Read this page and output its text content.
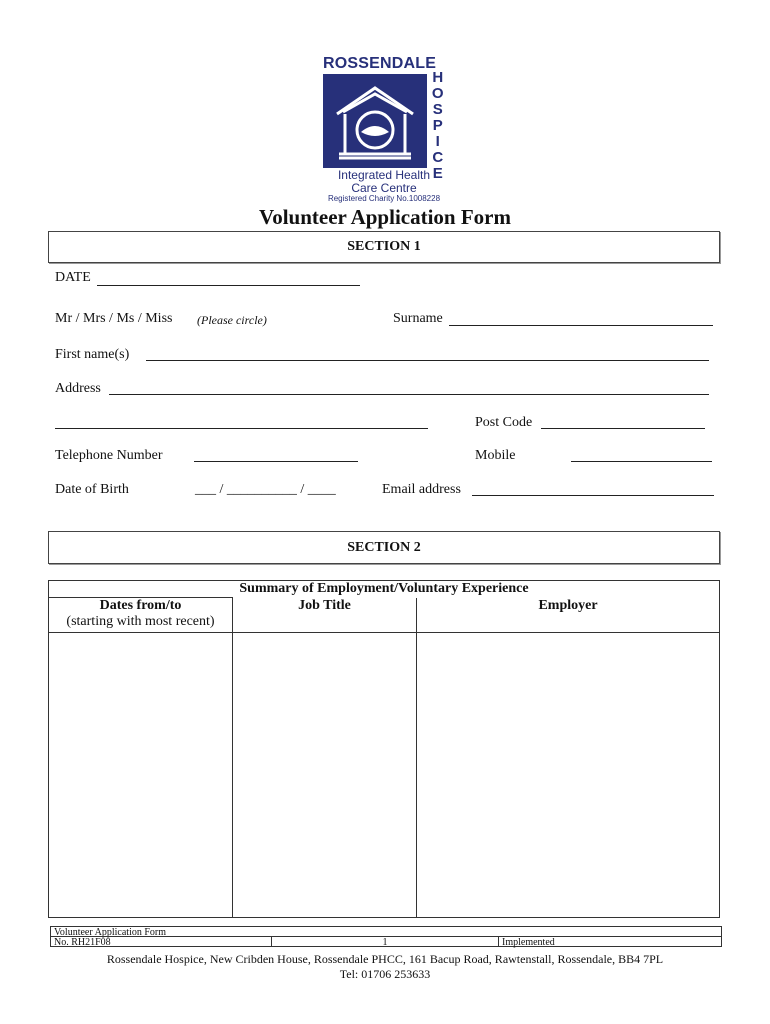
ROSSENDALE
HOSPICE
Integrated Health
Care Centre
Registered Charity No.1008228
Volunteer Application Form
SECTION 1
DATE
Mr / Mrs / Ms / Miss (Please circle)	Surname
First name(s)
Address
Post Code
Telephone Number	Mobile
Date of Birth	___ / __________ / ____	Email address
SECTION 2
Summary of Employment/Voluntary Experience		

Dates from/to
(starting with most recent)	Job Title	Employer

Volunteer Application Form
No. RH21F08	1	Implemented
Rossendale Hospice, New Cribden House, Rossendale PHCC, 161 Bacup Road, Rawtenstall, Rossendale, BB4 7PL
Tel: 01706 253633
